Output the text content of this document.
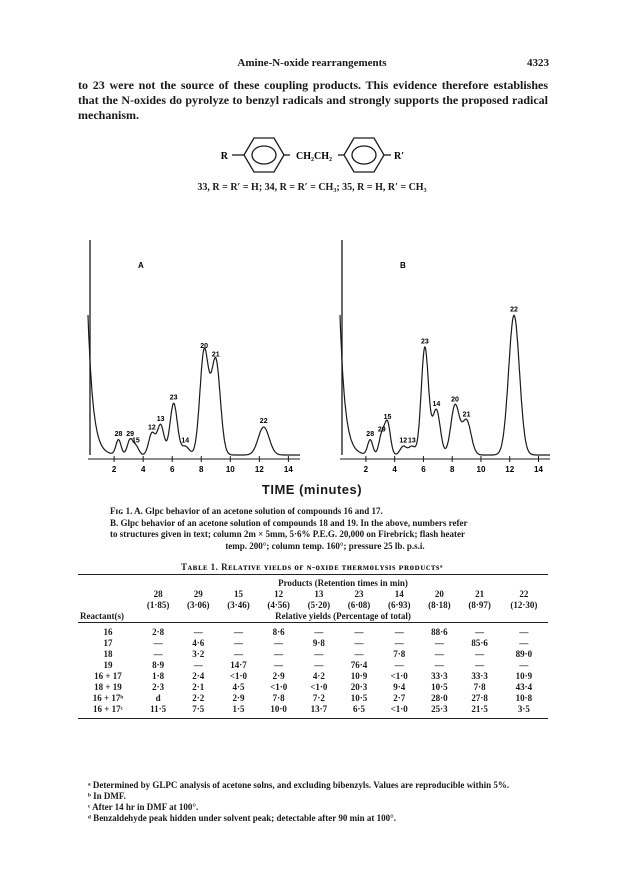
Amine-N-oxide rearrangements	4323
to 23 were not the source of these coupling products. This evidence therefore establishes that the N-oxides do pyrolyze to benzyl radicals and strongly supports the proposed radical mechanism.
R	CH₂CH₂	R′
33, R = R′ = H; 34, R = R′ = CH₃; 35, R = H, R′ = CH₃
2	4	6	8	10	12	14
28 29
15
12
13
23
14
20
21
22
A
2	4	6	8	10 12 14
28
29
15
12 13
23
14
20
21
22
B
TIME (minutes)
Fɪɢ 1. A. Glpc behavior of an acetone solution of compounds 16 and 17.
B. Glpc behavior of an acetone solution of compounds 18 and 19. In the above, numbers refer
to structures given in text; column 2m × 5mm, 5·6% P.E.G. 20,000 on Firebrick; flash heater
temp. 200°; column temp. 160°; pressure 25 lb. p.s.i.
Tᴀʙʟᴇ 1. Rᴇʟᴀᴛɪᴠᴇ ʏɪᴇʟᴅs ᴏғ ɴ-ᴏxɪᴅᴇ ᴛʜᴇʀᴍᴏʟʏsɪs ᴘʀᴏᴅᴜᴄᴛsᵃ

	Products (Retention times in min)									
	28	29	15	12	13	23	14	20	21	22
	(1·85)	(3·06)	(3·46)	(4·56)	(5·20)	(6·08)	(6·93)	(8·18)	(8·97)	(12·30)
Reactant(s)	Relative yields (Percentage of total)									

16	2·8	—	—	8·6	—	—	—	88·6	—	—
17	—	4·6	—	—	9·8	—	—	—	85·6	—
18	—	3·2	—	—	—	—	7·8	—	—	89·0
19	8·9	—	14·7	—	—	76·4	—	—	—	—
16 + 17	1·8	2·4	<1·0	2·9	4·2	10·9	<1·0	33·3	33·3	10·9
18 + 19	2·3	2·1	4·5	<1·0	<1·0	20·3	9·4	10·5	7·8	43·4
16 + 17ᵇ	d	2·2	2·9	7·8	7·2	10·5	2·7	28·0	27·8	10·8
16 + 17ᶜ	11·5	7·5	1·5	10·0	13·7	6·5	<1·0	25·3	21·5	3·5

ᵃ Determined by GLPC analysis of acetone solns, and excluding bibenzyls. Values are reproducible within 5%.
ᵇ In DMF.
ᶜ After 14 hr in DMF at 100°.
ᵈ Benzaldehyde peak hidden under solvent peak; detectable after 90 min at 100°.
